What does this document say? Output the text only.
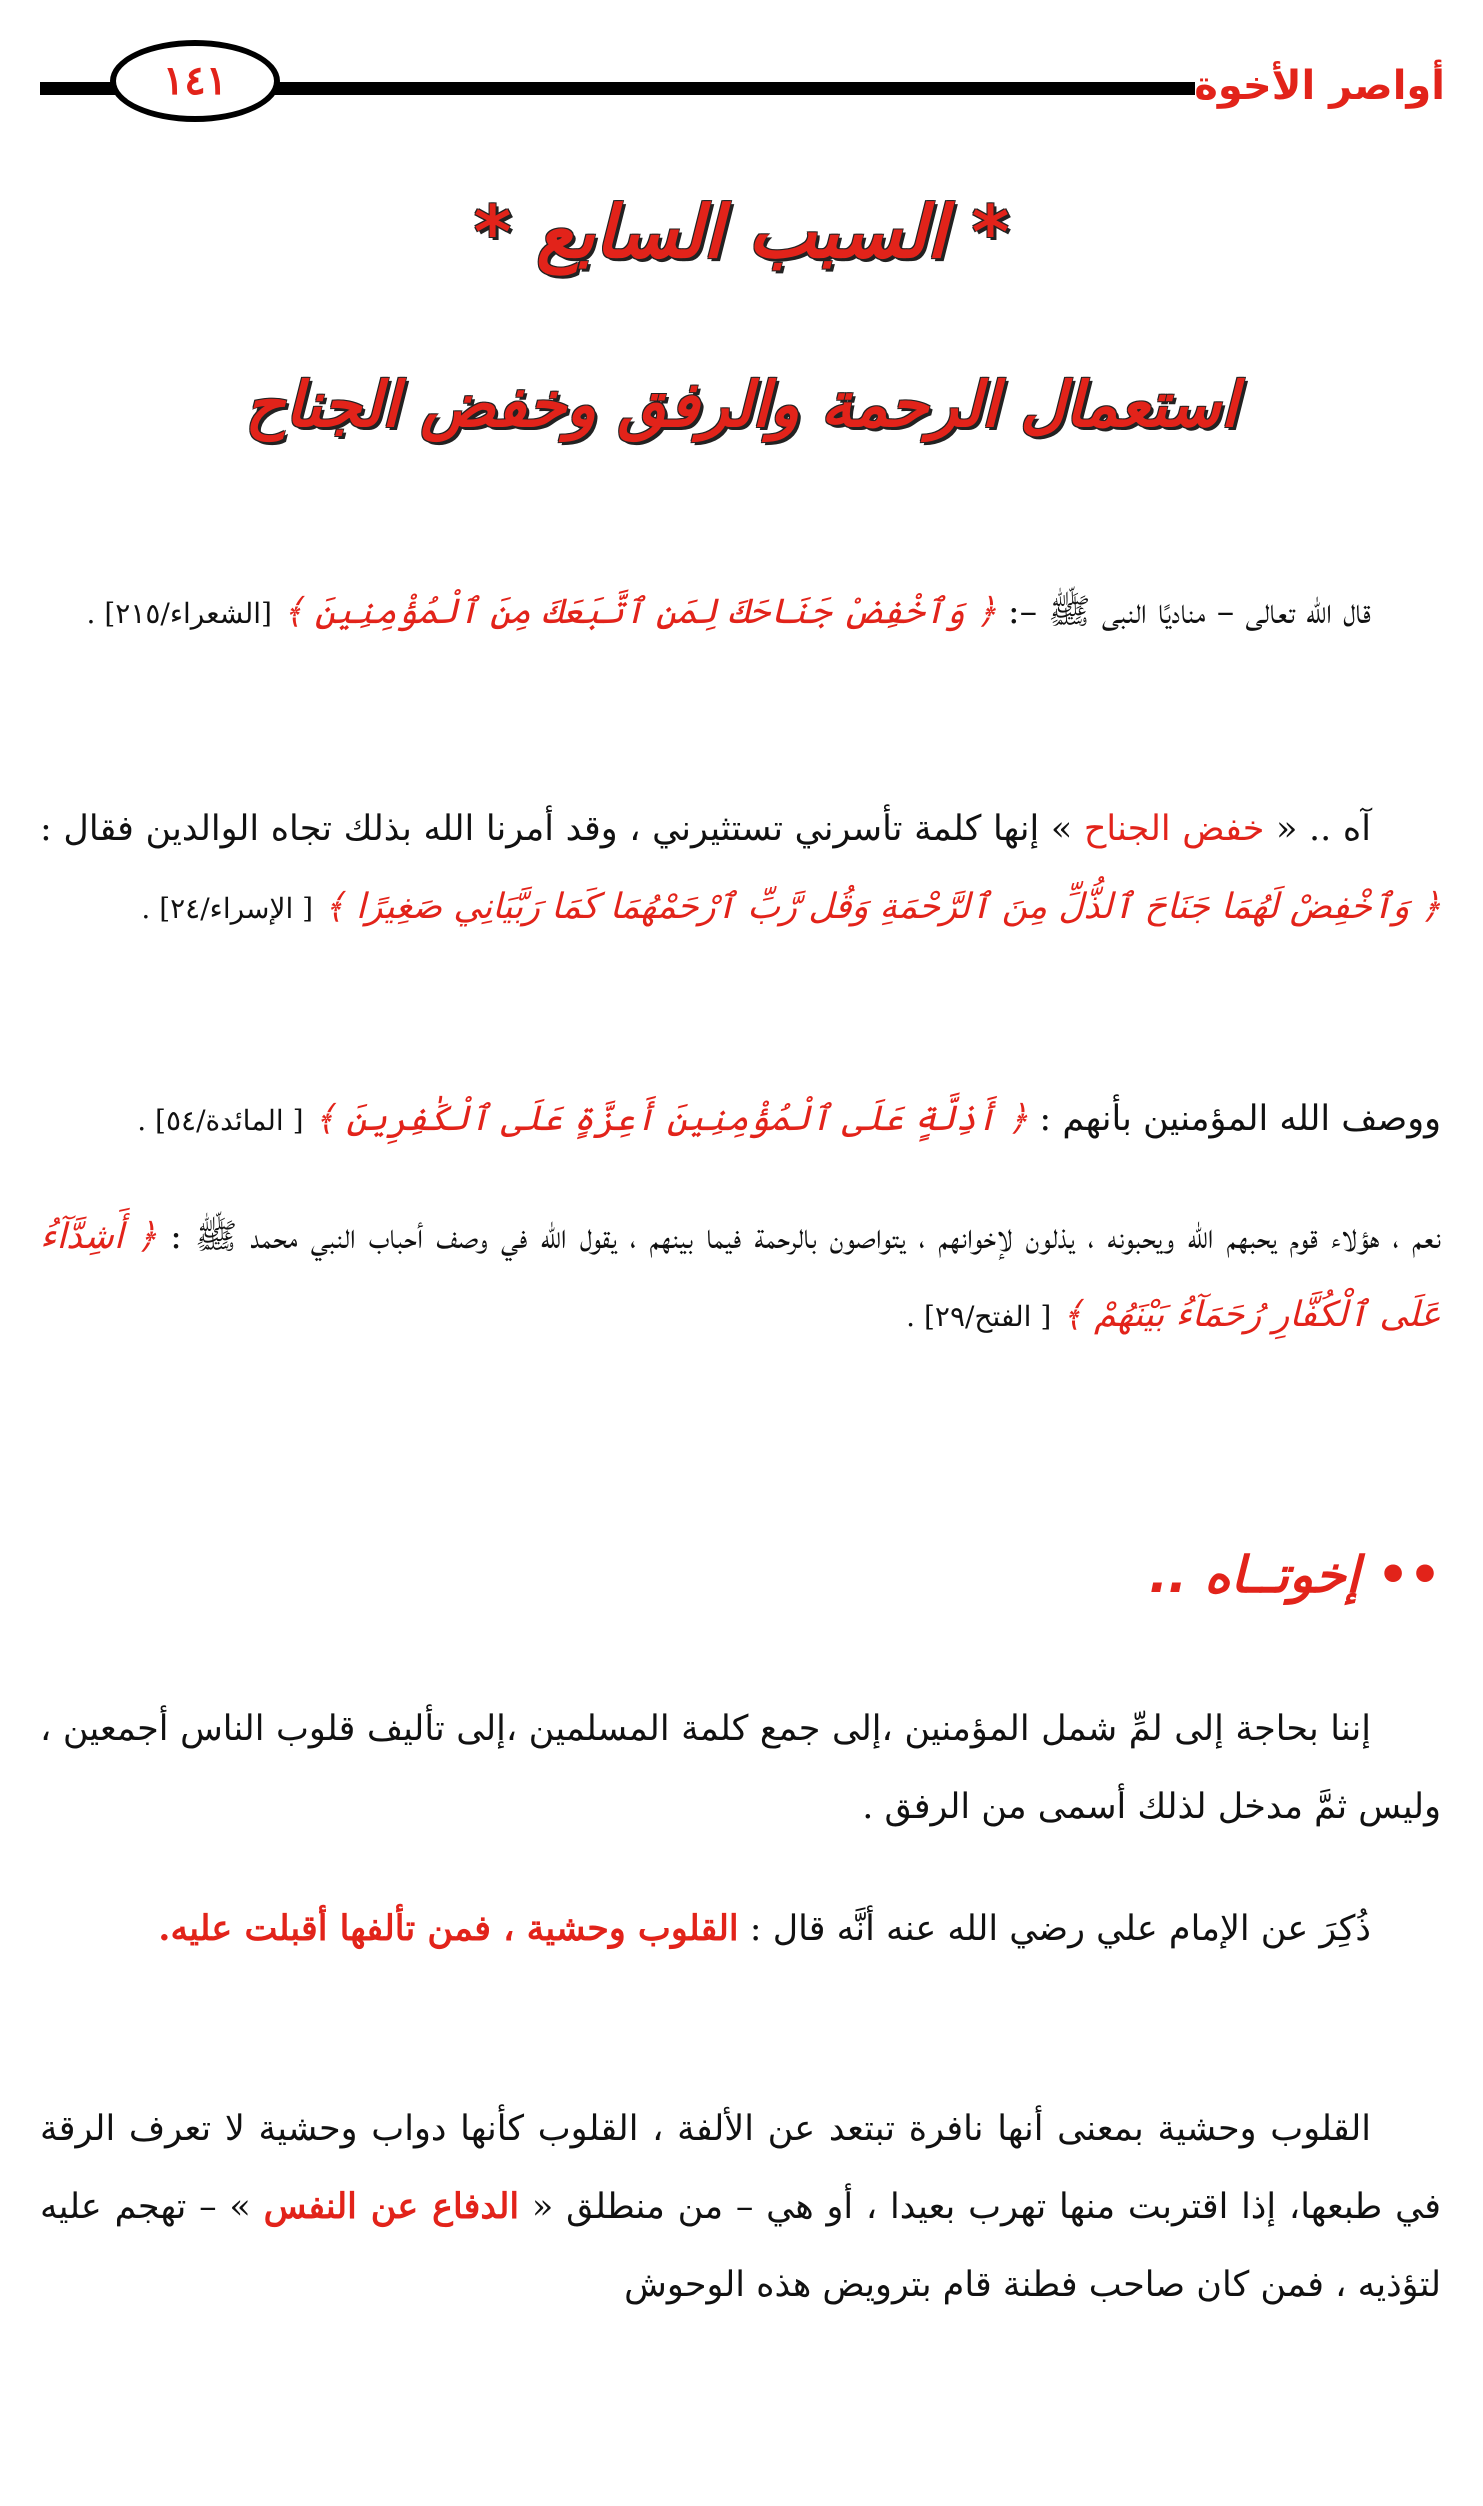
أواصر الأخوة
١٤١
* السبب السابع *
استعمال الرحمة والرفق وخفض الجناح

قال الله تعالى – مناديًا النبى ﷺ –: ﴿ وَٱخْفِضْ جَنَاحَكَ لِمَنِ ٱتَّبَعَكَ مِنَ ٱلْمُؤْمِنِينَ ﴾ [الشعراء/٢١٥] .

آه .. « خفض الجناح » إنها كلمة تأسرني تستثيرني ، وقد أمرنا الله بذلك تجاه الوالدين فقال : ﴿ وَٱخْفِضْ لَهُمَا جَنَاحَ ٱلذُّلِّ مِنَ ٱلرَّحْمَةِ وَقُل رَّبِّ ٱرْحَمْهُمَا كَمَا رَبَّيَانِي صَغِيرًا ﴾ [ الإسراء/٢٤] .

ووصف الله المؤمنين بأنهم : ﴿ أَذِلَّةٍ عَلَى ٱلْمُؤْمِنِينَ أَعِزَّةٍ عَلَى ٱلْكَٰفِرِينَ ﴾ [ المائدة/٥٤] .

نعم ، هؤلاء قوم يحبهم الله ويحبونه ، يذلون لإخوانهم ، يتواصون بالرحمة فيما بينهم ، يقول الله في وصف أحباب النبي محمد ﷺ : ﴿ أَشِدَّآءُ عَلَى ٱلْكُفَّارِ رُحَمَآءُ بَيْنَهُمْ ﴾ [ الفتح/٢٩] .

•• إخوتــاه ..

إننا بحاجة إلى لمِّ شمل المؤمنين ،إلى جمع كلمة المسلمين ،إلى تأليف قلوب الناس أجمعين ، وليس ثمَّ مدخل لذلك أسمى من الرفق .

ذُكِرَ عن الإمام علي رضي الله عنه أنَّه قال : القلوب وحشية ، فمن تألفها أقبلت عليه.

القلوب وحشية بمعنى أنها نافرة تبتعد عن الألفة ، القلوب كأنها دواب وحشية لا تعرف الرقة في طبعها، إذا اقتربت منها تهرب بعيدا ، أو هي – من منطلق « الدفاع عن النفس » – تهجم عليه لتؤذيه ، فمن كان صاحب فطنة قام بترويض هذه الوحوش
